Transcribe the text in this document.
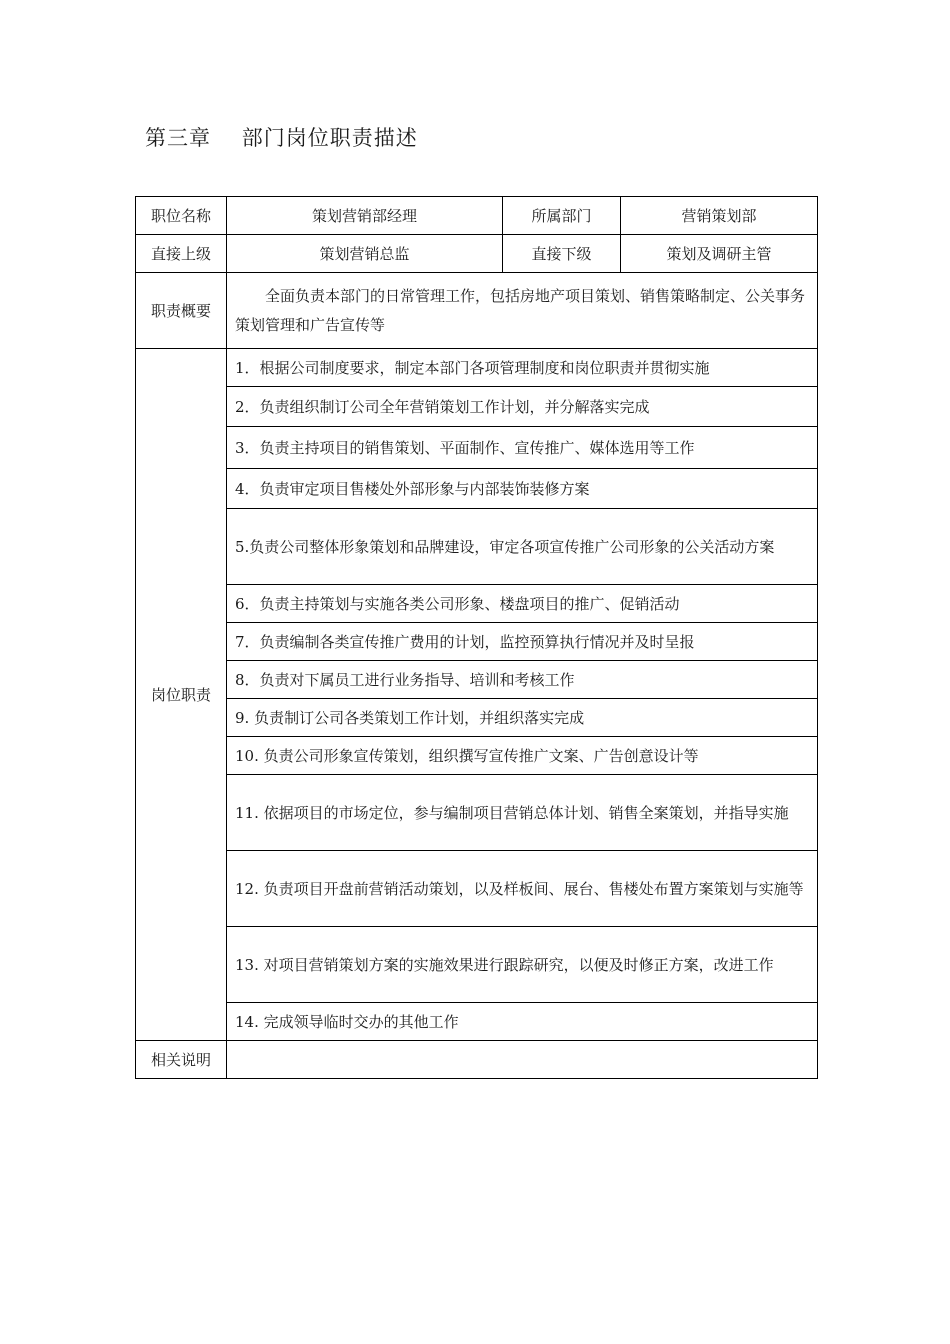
第三章 部门岗位职责描述
职位名称	策划营销部经理	所属部门	营销策划部
直接上级	策划营销总监	直接下级	策划及调研主管
职责概要	全面负责本部门的日常管理工作，包括房地产项目策划、销售策略制定、公关事务策划管理和广告宣传等		
岗位职责	1．根据公司制度要求，制定本部门各项管理制度和岗位职责并贯彻实施		
	2．负责组织制订公司全年营销策划工作计划，并分解落实完成		
	3．负责主持项目的销售策划、平面制作、宣传推广、媒体选用等工作		
	4．负责审定项目售楼处外部形象与内部装饰装修方案		
	5.负责公司整体形象策划和品牌建设，审定各项宣传推广公司形象的公关活动方案		
	6．负责主持策划与实施各类公司形象、楼盘项目的推广、促销活动		
	7．负责编制各类宣传推广费用的计划，监控预算执行情况并及时呈报		
	8．负责对下属员工进行业务指导、培训和考核工作		
	9. 负责制订公司各类策划工作计划，并组织落实完成		
	10. 负责公司形象宣传策划，组织撰写宣传推广文案、广告创意设计等		
	11. 依据项目的市场定位，参与编制项目营销总体计划、销售全案策划，并指导实施		
	12. 负责项目开盘前营销活动策划，以及样板间、展台、售楼处布置方案策划与实施等		
	13. 对项目营销策划方案的实施效果进行跟踪研究，以便及时修正方案，改进工作		
	14. 完成领导临时交办的其他工作		
相关说明			
